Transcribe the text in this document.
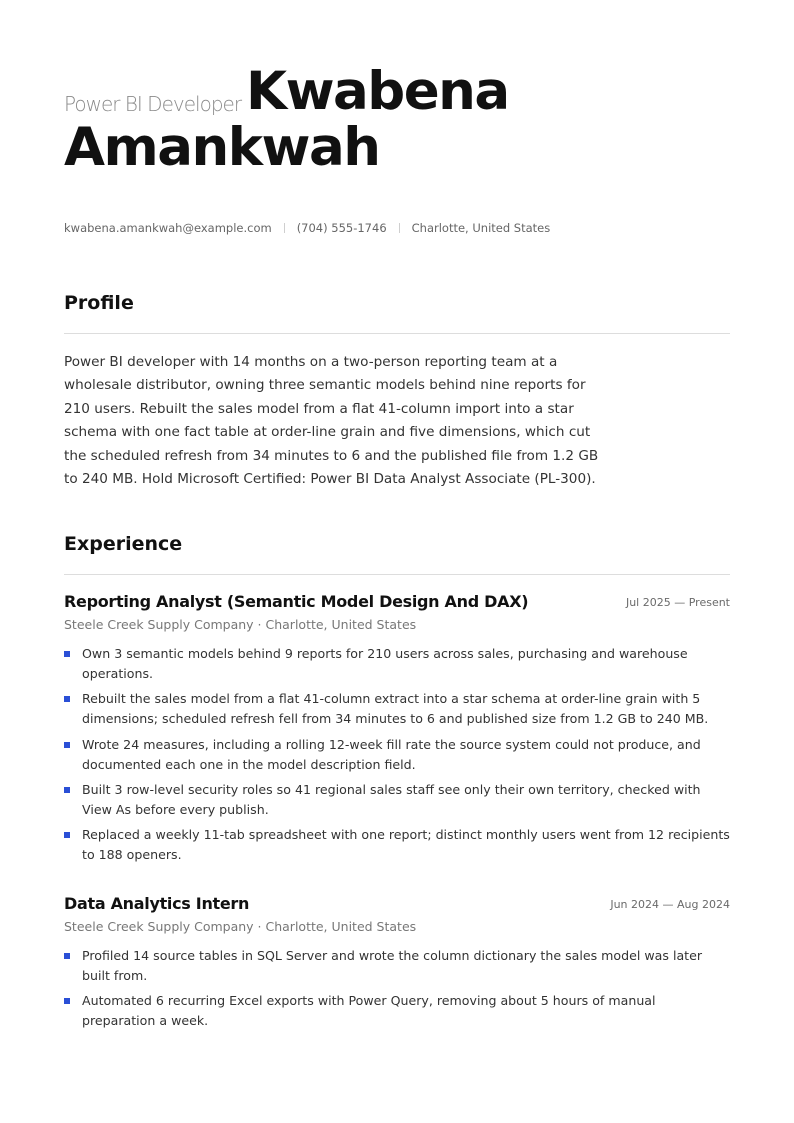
Power BI Developer Kwabena
Amankwah
kwabena.amankwah@example.com (704) 555-1746 Charlotte, United States
Profile
Power BI developer with 14 months on a two-person reporting team at a wholesale distributor, owning three semantic models behind nine reports for 210 users. Rebuilt the sales model from a flat 41-column import into a star schema with one fact table at order-line grain and five dimensions, which cut the scheduled refresh from 34 minutes to 6 and the published file from 1.2 GB to 240 MB. Hold Microsoft Certified: Power BI Data Analyst Associate (PL-300).
Experience
Reporting Analyst (Semantic Model Design And DAX)	Jul 2025 — Present
Steele Creek Supply Company · Charlotte, United States
Own 3 semantic models behind 9 reports for 210 users across sales, purchasing and warehouse operations.
Rebuilt the sales model from a flat 41-column extract into a star schema at order-line grain with 5 dimensions; scheduled refresh fell from 34 minutes to 6 and published size from 1.2 GB to 240 MB.
Wrote 24 measures, including a rolling 12-week fill rate the source system could not produce, and documented each one in the model description field.
Built 3 row-level security roles so 41 regional sales staff see only their own territory, checked with View As before every publish.
Replaced a weekly 11-tab spreadsheet with one report; distinct monthly users went from 12 recipients to 188 openers.
Data Analytics Intern	Jun 2024 — Aug 2024
Steele Creek Supply Company · Charlotte, United States
Profiled 14 source tables in SQL Server and wrote the column dictionary the sales model was later built from.
Automated 6 recurring Excel exports with Power Query, removing about 5 hours of manual preparation a week.
